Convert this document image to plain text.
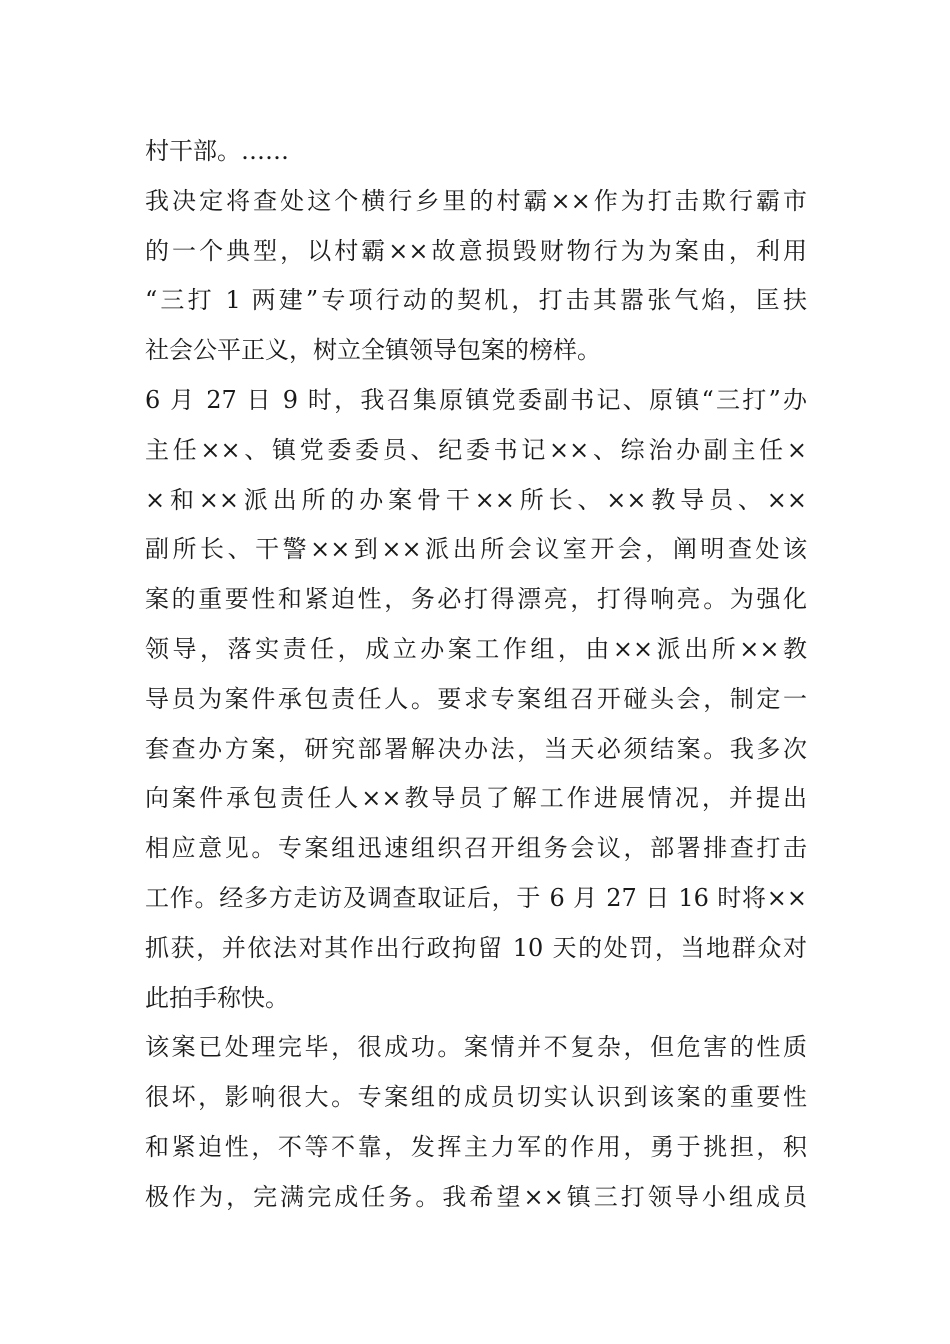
村干部。……
我决定将查处这个横行乡里的村霸××作为打击欺行霸市
的一个典型，以村霸××故意损毁财物行为为案由，利用
“三打 1 两建”专项行动的契机，打击其嚣张气焰，匡扶
社会公平正义，树立全镇领导包案的榜样。
6 月 27 日 9 时，我召集原镇党委副书记、原镇“三打”办
主任××、镇党委委员、纪委书记××、综治办副主任×
×和××派出所的办案骨干××所长、××教导员、××
副所长、干警××到××派出所会议室开会，阐明查处该
案的重要性和紧迫性，务必打得漂亮，打得响亮。为强化
领导，落实责任，成立办案工作组，由××派出所××教
导员为案件承包责任人。要求专案组召开碰头会，制定一
套查办方案，研究部署解决办法，当天必须结案。我多次
向案件承包责任人××教导员了解工作进展情况，并提出
相应意见。专案组迅速组织召开组务会议，部署排查打击
工作。经多方走访及调查取证后，于 6 月 27 日 16 时将××
抓获，并依法对其作出行政拘留 10 天的处罚，当地群众对
此拍手称快。
该案已处理完毕，很成功。案情并不复杂，但危害的性质
很坏，影响很大。专案组的成员切实认识到该案的重要性
和紧迫性，不等不靠，发挥主力军的作用，勇于挑担，积
极作为，完满完成任务。我希望××镇三打领导小组成员
